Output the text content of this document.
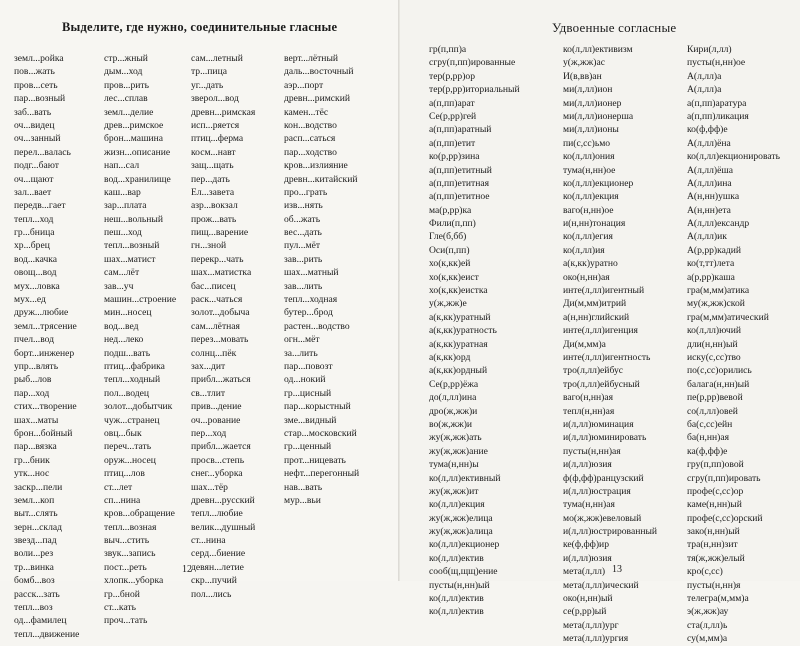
Выделите, где нужно, соединительные гласные
земл...ройка
пов...жать
пров...сеть
пар...возный
заб...вать
оч...видец
оч...занный
перел...валась
подг...бают
оч...щают
зал...вает
передв...гает
тепл...ход
гр...бница
хр...брец
вод...качка
овощ...вод
мух...ловка
мух...ед
друж...любие
земл...трясение
пчел...вод
борт...инженер
упр...влять
рыб...лов
пар...ход
стих...творение
шах...маты
брон...бойный
пар...вязка
гр...бник
утк...нос
заскр...пели
земл...коп
выт...слять
зерн...склад
звезд...пад
воли...рез
тр...винка
бомб...воз
расск...зать
тепл...воз
од...фамилец
тепл...движение
стр...жный
дым...ход
пров...рить
лес...сплав
земл...делие
древ...римское
брон...машина
жизн...описание
нап...сал
вод...хранилище
каш...вар
зар...плата
неш...вольный
пеш...ход
тепл...возный
шах...матист
сам...лёт
зав...уч
машин...строение
мин...носец
вод...вед
нед...леко
подш...вать
птиц...фабрика
тепл...ходный
пол...водец
золот...добытчик
чуж...странец
овц...бык
переч...тать
оруж...носец
птиц...лов
ст...лет
сп...нина
кров...обращение
тепл...возная
выч...стить
звук...запись
пост...реть
хлопк...уборка
гр...бной
ст...кать
проч...тать
сам...летный
тр...пица
уг...дать
зверол...вод
древн...римская
исп...ряется
птиц...ферма
косм...навт
защ...щать
пер...дать
Ел...завета
азр...вокзал
прож...вать
пищ...варение
гн...зной
перекр...чать
шах...матистка
бас...писец
раск...чаться
золот...добыча
сам...лётная
перез...мовать
солнц...пёк
зах...дит
прибл...жаться
св...тлит
прив...дение
оч...рование
пер...ход
прибл...жается
просв...степь
снег...уборка
шах...тёр
древн...русский
тепл...любие
велик...душный
ст...нина
серд...биение
девян...летие
скр...пучий
пол...лись
верт...лётный
даль...восточный
аэр...порт
древн...римский
камен...тёс
кон...водство
расп...саться
пар...ходство
кров...излияние
древн...китайский
про...грать
изв...нять
об...жать
вес...дать
пул...мёт
зав...рить
шах...матный
зав...лить
тепл...ходная
бутер...брод
растен...водство
огн...мёт
за...лить
пар...повозт
од...нокий
гр...цисный
пар...корыстный
зме...видный
стар...московский
гр...ценный
прот...ницевать
нефт...перегонный
нав...вать
мур...вьи
12
Удвоенные согласные
гр(п,пп)а
сгру(п,пп)ированные
тер(р,рр)ор
тер(р,рр)иториальный
а(п,пп)арат
Се(р,рр)гей
а(п,пп)аратный
а(п,пп)етит
ко(р,рр)зина
а(п,пп)етитный
а(п,пп)етитная
а(п,пп)етитное
ма(р,рр)ка
Фили(п,пп)
Гле(б,бб)
Оси(п,пп)
хо(к,кк)ей
хо(к,кк)еист
хо(к,кк)еистка
у(ж,жж)е
а(к,кк)уратный
а(к,кк)уратность
а(к,кк)уратная
а(к,кк)орд
а(к,кк)ордный
Се(р,рр)ёжа
до(л,лл)ина
дро(ж,жж)и
во(ж,жж)и
жу(ж,жж)ать
жу(ж,жж)ание
тума(н,нн)ы
ко(л,лл)ективный
жу(ж,жж)ит
ко(л,лл)екция
жу(ж,жж)елица
жу(ж,жж)алица
ко(л,лл)екционер
ко(л,лл)ектив
сооб(щ,щщ)ение
пусты(н,нн)ый
ко(л,лл)ектив
ко(л,лл)ектив
ко(л,лл)ективизм
у(ж,жж)ас
И(в,вв)ан
ми(л,лл)ион
ми(л,лл)ионер
ми(л,лл)ионерша
ми(л,лл)ионы
пи(с,сс)ьмо
ко(л,лл)ония
тума(н,нн)ое
ко(л,лл)екционер
ко(л,лл)екция
ваго(н,нн)ое
и(н,нн)тонация
ко(л,лл)егия
ко(л,лл)ия
а(к,кк)уратно
око(н,нн)ая
инте(л,лл)игентный
Ди(м,мм)итрий
а(н,нн)глийский
инте(л,лл)игенция
Ди(м,мм)а
инте(л,лл)игентность
тро(л,лл)ейбус
тро(л,лл)ейбусный
ваго(н,нн)ая
тепл(н,нн)ая
и(л,лл)юминация
и(л,лл)юминировать
пусты(н,нн)ая
и(л,лл)юзия
ф(ф,фф)ранцузский
и(л,лл)юстрация
тума(н,нн)ая
мо(ж,жж)евеловый
и(л,лл)юстрированный
ке(ф,фф)ир
и(л,лл)юзия
мета(л,лл)
мета(л,лл)ический
око(н,нн)ый
се(р,рр)ый
мета(л,лл)ург
мета(л,лл)ургия
Кири(л,лл)
пусты(н,нн)ое
А(л,лл)а
А(л,лл)а
а(п,пп)аратура
а(п,пп)ликация
ко(ф,фф)е
А(л,лл)ёна
ко(л,лл)екционировать
А(л,лл)ёша
А(л,лл)ина
А(н,нн)ушка
А(н,нн)ета
А(л,лл)ександр
А(л,лл)ик
А(р,рр)кадий
ко(т,тт)лета
а(р,рр)каша
гра(м,мм)атика
му(ж,жж)ской
гра(м,мм)атический
ко(л,лл)ючий
дли(н,нн)ый
иску(с,сс)тво
по(с,сс)орились
балага(н,нн)ый
пе(р,рр)вевой
со(л,лл)овей
ба(с,сс)ейн
ба(н,нн)ая
ка(ф,фф)е
гру(п,пп)овой
сгру(п,пп)ировать
профе(с,сс)ор
каме(н,нн)ый
профе(с,сс)орский
зако(н,нн)ый
тра(н,нн)зит
тя(ж,жж)елый
кро(с,сс)
пусты(н,нн)я
телегра(м,мм)а
э(ж,жж)ау
ста(л,лл)ь
су(м,мм)а
13
